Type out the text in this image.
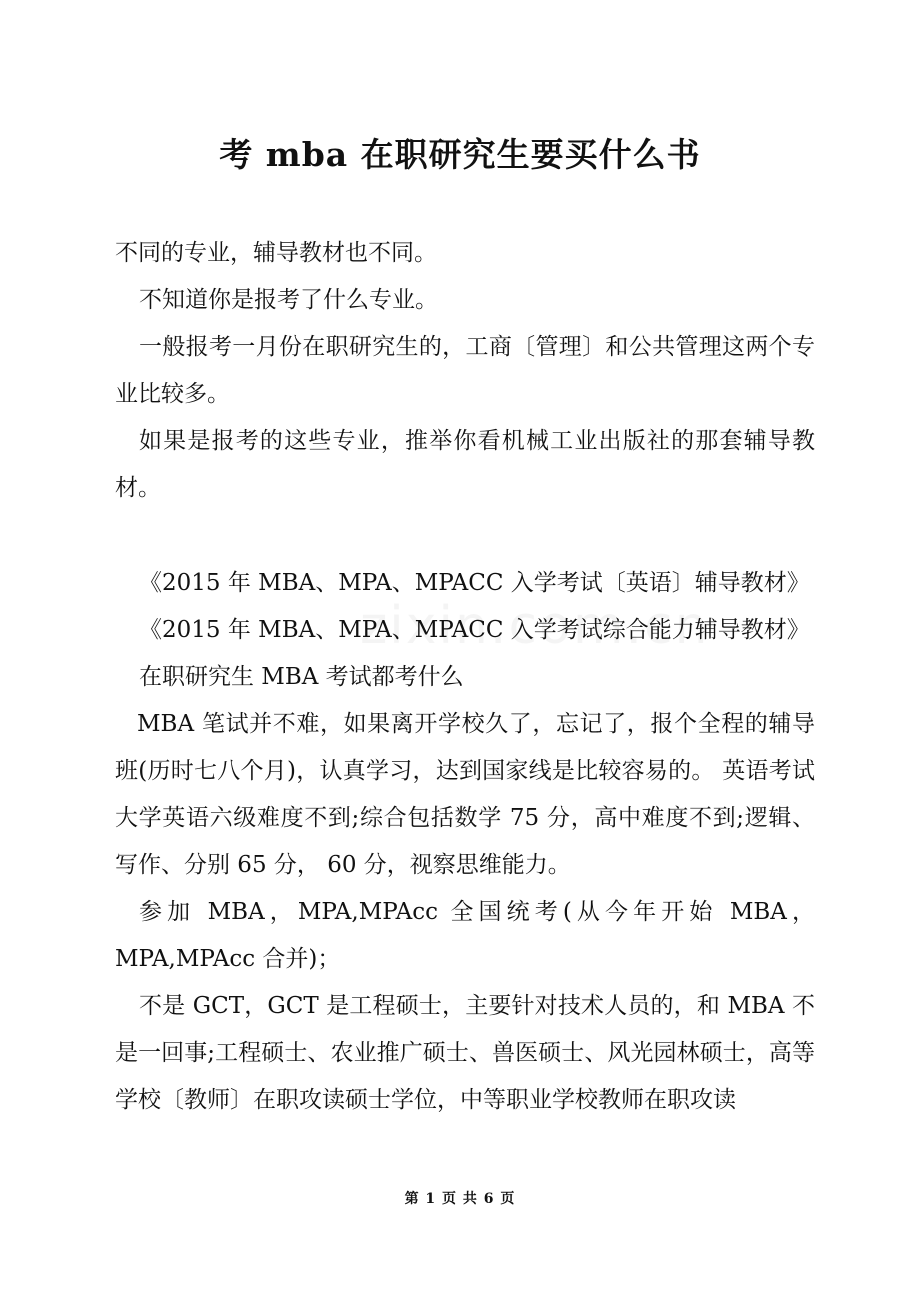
考 mba 在职研究生要买什么书

不同的专业，辅导教材也不同。

不知道你是报考了什么专业。

一般报考一月份在职研究生的，工商〔管理〕和公共管理这两个专业比较多。

如果是报考的这些专业，推举你看机械工业出版社的那套辅导教材。

《2015 年 MBA、MPA、MPACC 入学考试〔英语〕辅导教材》

《2015 年 MBA、MPA、MPACC 入学考试综合能力辅导教材》

在职研究生 MBA 考试都考什么

MBA 笔试并不难，如果离开学校久了，忘记了，报个全程的辅导班(历时七八个月)，认真学习，达到国家线是比较容易的。 英语考试大学英语六级难度不到;综合包括数学 75 分，高中难度不到;逻辑、写作、分别 65 分， 60 分，视察思维能力。

参加 MBA，MPA,MPAcc 全国统考(从今年开始 MBA，MPA,MPAcc 合并)；

不是 GCT，GCT 是工程硕士，主要针对技术人员的，和 MBA 不是一回事;工程硕士、农业推广硕士、兽医硕士、风光园林硕士，高等学校〔教师〕在职攻读硕士学位，中等职业学校教师在职攻读

第 1 页 共 6 页
